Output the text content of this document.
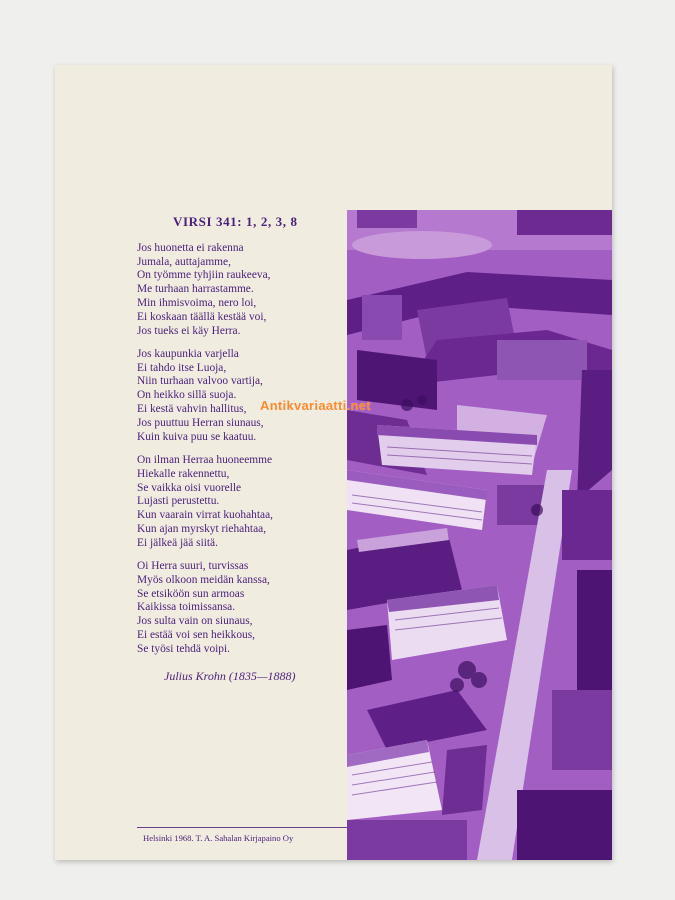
VIRSI 341: 1, 2, 3, 8
Jos huonetta ei rakenna
Jumala, auttajamme,
On työmme tyhjiin raukeeva,
Me turhaan harrastamme.
Min ihmisvoima, nero loi,
Ei koskaan täällä kestää voi,
Jos tueks ei käy Herra.
Jos kaupunkia varjella
Ei tahdo itse Luoja,
Niin turhaan valvoo vartija,
On heikko sillä suoja.
Ei kestä vahvin hallitus,
Jos puuttuu Herran siunaus,
Kuin kuiva puu se kaatuu.
On ilman Herraa huoneemme
Hiekalle rakennettu,
Se vaikka oisi vuorelle
Lujasti perustettu.
Kun vaarain virrat kuohahtaa,
Kun ajan myrskyt riehahtaa,
Ei jälkeä jää siitä.
Oi Herra suuri, turvissas
Myös olkoon meidän kanssa,
Se etsiköön sun armoas
Kaikissa toimissansa.
Jos sulta vain on siunaus,
Ei estää voi sen heikkous,
Se työsi tehdä voipi.
Julius Krohn (1835—1888)
Helsinki 1968. T. A. Sahalan Kirjapaino Oy
Antikvariaatti.net
